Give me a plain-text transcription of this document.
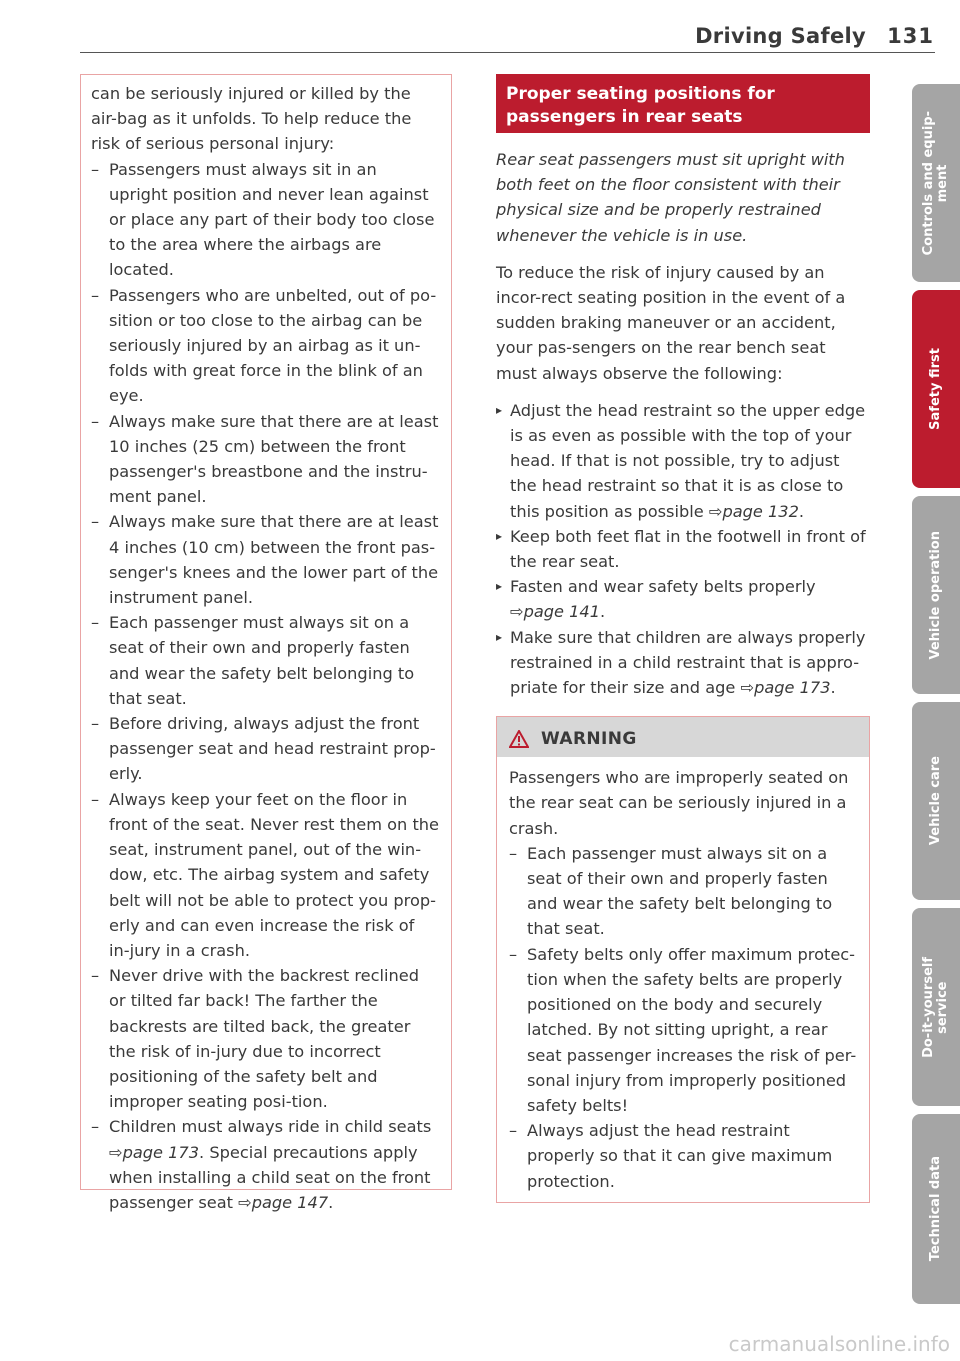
Driving Safely 131

can be seriously injured or killed by the air-bag as it unfolds. To help reduce the risk of serious personal injury:

– Passengers must always sit in an upright position and never lean against or place any part of their body too close to the area where the airbags are located.
– Passengers who are unbelted, out of po-sition or too close to the airbag can be seriously injured by an airbag as it un-folds with great force in the blink of an eye.
– Always make sure that there are at least 10 inches (25 cm) between the front passenger's breastbone and the instru-ment panel.
– Always make sure that there are at least 4 inches (10 cm) between the front pas-senger's knees and the lower part of the instrument panel.
– Each passenger must always sit on a seat of their own and properly fasten and wear the safety belt belonging to that seat.
– Before driving, always adjust the front passenger seat and head restraint prop-erly.
– Always keep your feet on the floor in front of the seat. Never rest them on the seat, instrument panel, out of the win-dow, etc. The airbag system and safety belt will not be able to protect you prop-erly and can even increase the risk of in-jury in a crash.
– Never drive with the backrest reclined or tilted far back! The farther the backrests are tilted back, the greater the risk of in-jury due to incorrect positioning of the safety belt and improper seating posi-tion.
– Children must always ride in child seats ⇨page 173. Special precautions apply when installing a child seat on the front passenger seat ⇨page 147.
Proper seating positions for passengers in rear seats

Rear seat passengers must sit upright with both feet on the floor consistent with their physical size and be properly restrained whenever the vehicle is in use.

To reduce the risk of injury caused by an incor-rect seating position in the event of a sudden braking maneuver or an accident, your pas-sengers on the rear bench seat must always observe the following:

▸ Adjust the head restraint so the upper edge is as even as possible with the top of your head. If that is not possible, try to adjust the head restraint so that it is as close to this position as possible ⇨page 132.
▸ Keep both feet flat in the footwell in front of the rear seat.
▸ Fasten and wear safety belts properly ⇨page 141.
▸ Make sure that children are always properly restrained in a child restraint that is appro-priate for their size and age ⇨page 173.
WARNING

Passengers who are improperly seated on the rear seat can be seriously injured in a crash.

– Each passenger must always sit on a seat of their own and properly fasten and wear the safety belt belonging to that seat.
– Safety belts only offer maximum protec-tion when the safety belts are properly positioned on the body and securely latched. By not sitting upright, a rear seat passenger increases the risk of per-sonal injury from improperly positioned safety belts!
– Always adjust the head restraint properly so that it can give maximum protection.
Controls and equip-
ment
Safety first
Vehicle operation
Vehicle care
Do-it-yourself
service
Technical data
carmanualsonline.info
